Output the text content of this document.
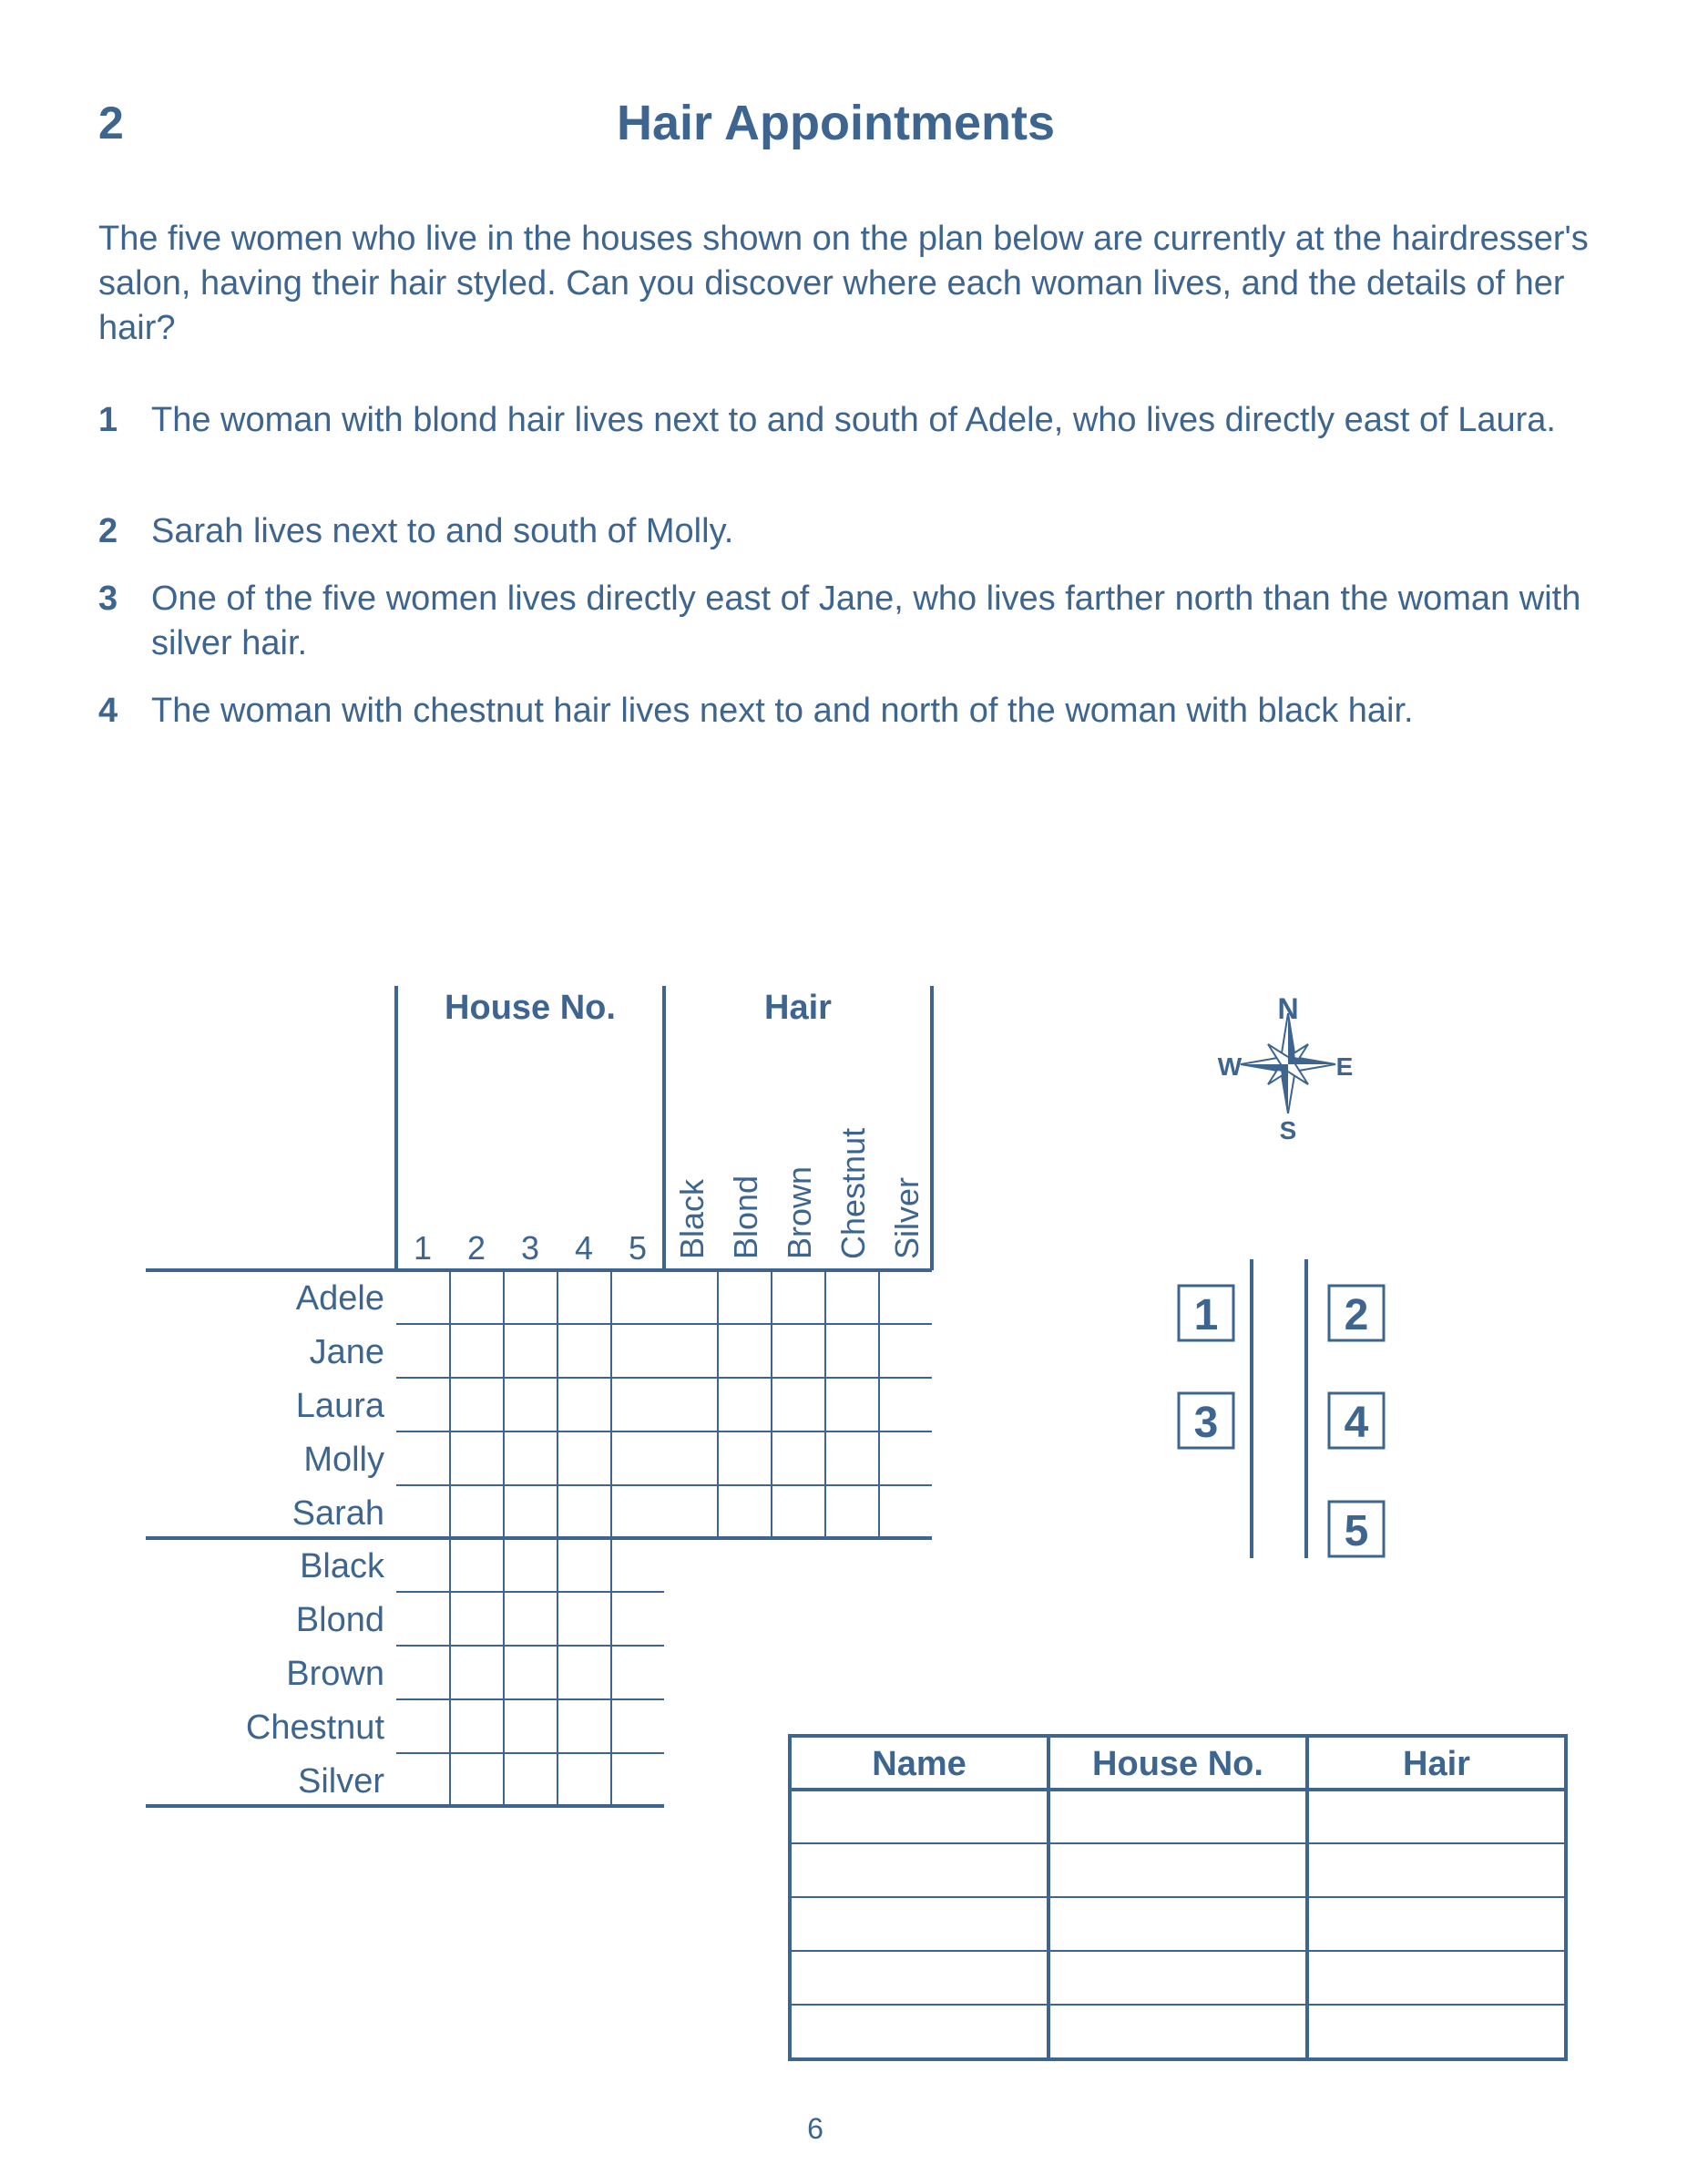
2	Hair Appointments
The five women who live in the houses shown on the plan below are currently at the hairdresser's salon, having their hair styled. Can you discover where each woman lives, and the details of her hair?
1 The woman with blond hair lives next to and south of Adele, who lives directly east of Laura.
2 Sarah lives next to and south of Molly.
3 One of the five women lives directly east of Jane, who lives farther north than the woman with silver hair.
4 The woman with chestnut hair lives next to and north of the woman with black hair.
House No.	Hair
1 2 3 4 5 Black Blond Brown Chestnut Silver
Adele
Jane
Laura
Molly
Sarah
Black
Blond
Brown
Chestnut
Silver
N
S
W	E
1	2
3	4
5
Name	House No.	Hair
6
